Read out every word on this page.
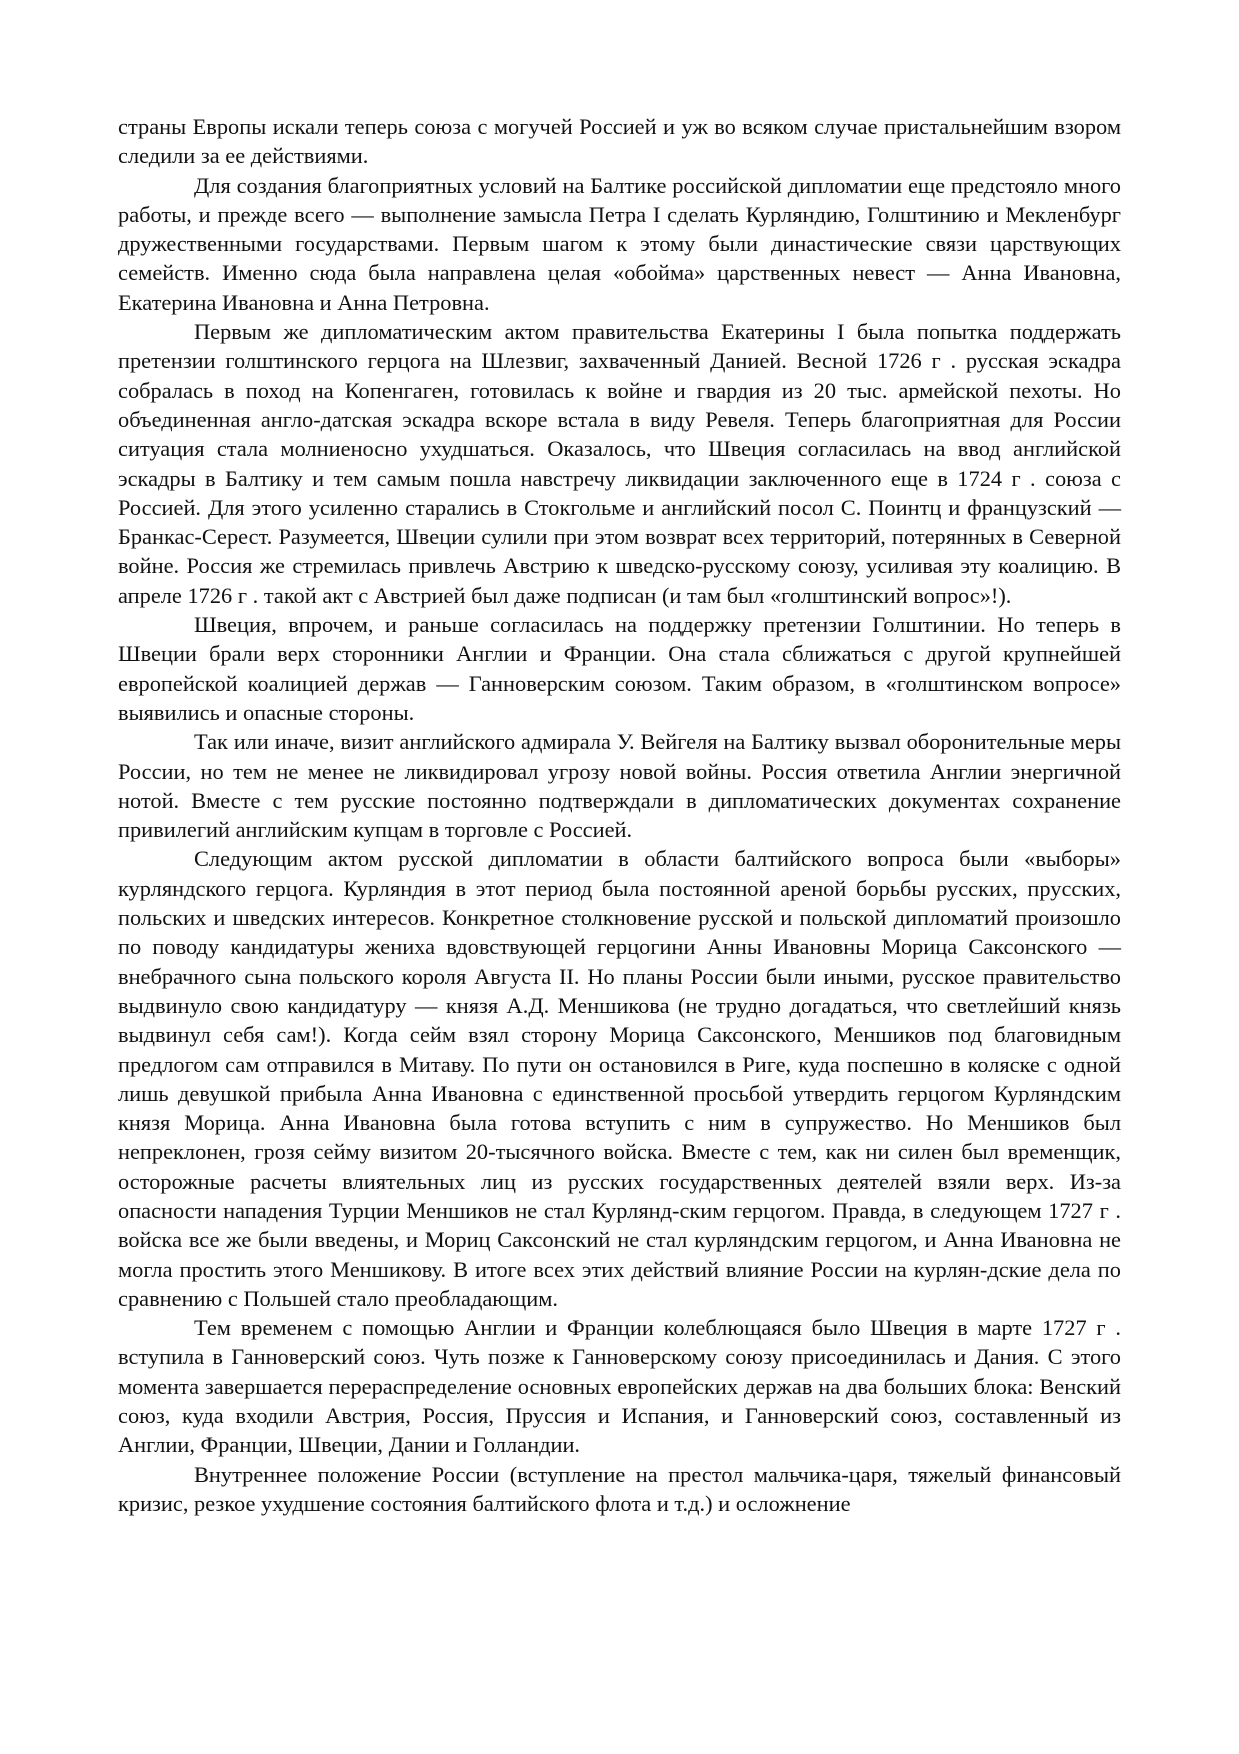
страны Европы искали теперь союза с могучей Россией и уж во всяком случае пристальнейшим взором следили за ее действиями.

Для создания благоприятных условий на Балтике российской дипломатии еще предстояло много работы, и прежде всего — выполнение замысла Петра I сделать Курляндию, Голштинию и Мекленбург дружественными государствами. Первым шагом к этому были династические связи царствующих семейств. Именно сюда была направлена целая «обойма» царственных невест — Анна Ивановна, Екатерина Ивановна и Анна Петровна.

Первым же дипломатическим актом правительства Екатерины I была попытка поддержать претензии голштинского герцога на Шлезвиг, захваченный Данией. Весной 1726 г . русская эскадра собралась в поход на Копенгаген, готовилась к войне и гвардия из 20 тыс. армейской пехоты. Но объединенная англо-датская эскадра вскоре встала в виду Ревеля. Теперь благоприятная для России ситуация стала молниеносно ухудшаться. Оказалось, что Швеция согласилась на ввод английской эскадры в Балтику и тем самым пошла навстречу ликвидации заключенного еще в 1724 г . союза с Россией. Для этого усиленно старались в Стокгольме и английский посол С. Поинтц и французский — Бранкас-Серест. Разумеется, Швеции сулили при этом возврат всех территорий, потерянных в Северной войне. Россия же стремилась привлечь Австрию к шведско-русскому союзу, усиливая эту коалицию. В апреле 1726 г . такой акт с Австрией был даже подписан (и там был «голштинский вопрос»!).

Швеция, впрочем, и раньше согласилась на поддержку претензии Голштинии. Но теперь в Швеции брали верх сторонники Англии и Франции. Она стала сближаться с другой крупнейшей европейской коалицией держав — Ганноверским союзом. Таким образом, в «голштинском вопросе» выявились и опасные стороны.

Так или иначе, визит английского адмирала У. Вейгеля на Балтику вызвал оборонительные меры России, но тем не менее не ликвидировал угрозу новой войны. Россия ответила Англии энергичной нотой. Вместе с тем русские постоянно подтверждали в дипломатических документах сохранение привилегий английским купцам в торговле с Россией.

Следующим актом русской дипломатии в области балтийского вопроса были «выборы» курляндского герцога. Курляндия в этот период была постоянной ареной борьбы русских, прусских, польских и шведских интересов. Конкретное столкновение русской и польской дипломатий произошло по поводу кандидатуры жениха вдовствующей герцогини Анны Ивановны Морица Саксонского — внебрачного сына польского короля Августа II. Но планы России были иными, русское правительство выдвинуло свою кандидатуру — князя А.Д. Меншикова (не трудно догадаться, что светлейший князь выдвинул себя сам!). Когда сейм взял сторону Морица Саксонского, Меншиков под благовидным предлогом сам отправился в Митаву. По пути он остановился в Риге, куда поспешно в коляске с одной лишь девушкой прибыла Анна Ивановна с единственной просьбой утвердить герцогом Курляндским князя Морица. Анна Ивановна была готова вступить с ним в супружество. Но Меншиков был непреклонен, грозя сейму визитом 20-тысячного войска. Вместе с тем, как ни силен был временщик, осторожные расчеты влиятельных лиц из русских государственных деятелей взяли верх. Из-за опасности нападения Турции Меншиков не стал Курлянд-ским герцогом. Правда, в следующем 1727 г . войска все же были введены, и Мориц Саксонский не стал курляндским герцогом, и Анна Ивановна не могла простить этого Меншикову. В итоге всех этих действий влияние России на курлян-дские дела по сравнению с Польшей стало преобладающим.

Тем временем с помощью Англии и Франции колеблющаяся было Швеция в марте 1727 г . вступила в Ганноверский союз. Чуть позже к Ганноверскому союзу присоединилась и Дания. С этого момента завершается перераспределение основных европейских держав на два больших блока: Венский союз, куда входили Австрия, Россия, Пруссия и Испания, и Ганноверский союз, составленный из Англии, Франции, Швеции, Дании и Голландии.

Внутреннее положение России (вступление на престол мальчика-царя, тяжелый финансовый кризис, резкое ухудшение состояния балтийского флота и т.д.) и осложнение
